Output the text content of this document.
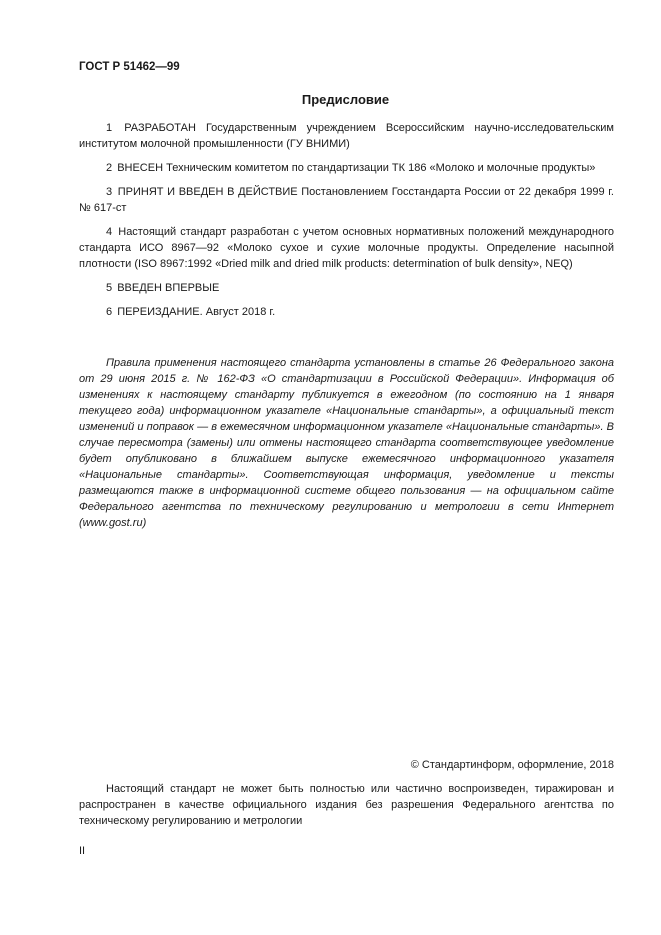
ГОСТ Р 51462—99
Предисловие
1 РАЗРАБОТАН Государственным учреждением Всероссийским научно-исследовательским институтом молочной промышленности (ГУ ВНИМИ)
2 ВНЕСЕН Техническим комитетом по стандартизации ТК 186 «Молоко и молочные продукты»
3 ПРИНЯТ И ВВЕДЕН В ДЕЙСТВИЕ Постановлением Госстандарта России от 22 декабря 1999 г. № 617-ст
4 Настоящий стандарт разработан с учетом основных нормативных положений международного стандарта ИСО 8967—92 «Молоко сухое и сухие молочные продукты. Определение насыпной плотности (ISO 8967:1992 «Dried milk and dried milk products: determination of bulk density», NEQ)
5 ВВЕДЕН ВПЕРВЫЕ
6 ПЕРЕИЗДАНИЕ. Август 2018 г.
Правила применения настоящего стандарта установлены в статье 26 Федерального закона от 29 июня 2015 г. № 162-ФЗ «О стандартизации в Российской Федерации». Информация об изменениях к настоящему стандарту публикуется в ежегодном (по состоянию на 1 января текущего года) информационном указателе «Национальные стандарты», а официальный текст изменений и поправок — в ежемесячном информационном указателе «Национальные стандарты». В случае пересмотра (замены) или отмены настоящего стандарта соответствующее уведомление будет опубликовано в ближайшем выпуске ежемесячного информационного указателя «Национальные стандарты». Соответствующая информация, уведомление и тексты размещаются также в информационной системе общего пользования — на официальном сайте Федерального агентства по техническому регулированию и метрологии в сети Интернет (www.gost.ru)
© Стандартинформ, оформление, 2018
Настоящий стандарт не может быть полностью или частично воспроизведен, тиражирован и распространен в качестве официального издания без разрешения Федерального агентства по техническому регулированию и метрологии
II
